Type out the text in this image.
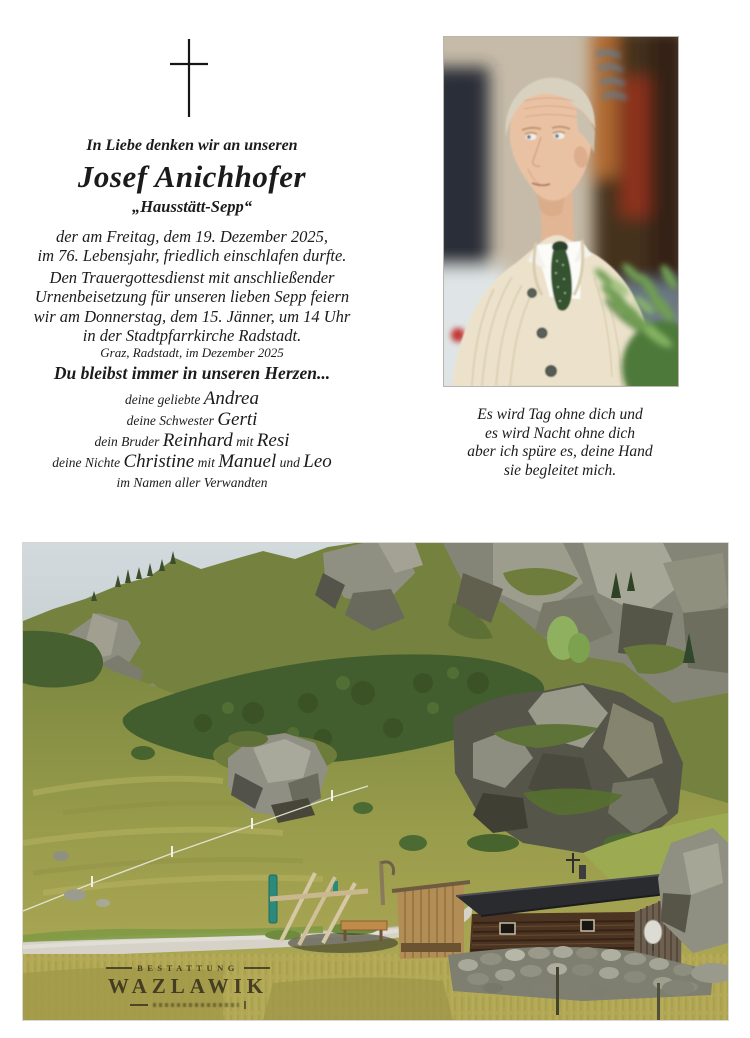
In Liebe denken wir an unseren
Josef Anichhofer
„Hausstätt-Sepp“
der am Freitag, dem 19. Dezember 2025,
im 76. Lebensjahr, friedlich einschlafen durfte.
Den Trauergottesdienst mit anschließender
Urnenbeisetzung für unseren lieben Sepp feiern
wir am Donnerstag, dem 15. Jänner, um 14 Uhr
in der Stadtpfarrkirche Radstadt.
Graz, Radstadt, im Dezember 2025
Du bleibst immer in unseren Herzen...
deine geliebte Andrea
deine Schwester Gerti
dein Bruder Reinhard mit Resi
deine Nichte Christine mit Manuel und Leo
im Namen aller Verwandten
Es wird Tag ohne dich und
es wird Nacht ohne dich
aber ich spüre es, deine Hand
sie begleitet mich.
BESTATTUNG
WAZLAWIK
